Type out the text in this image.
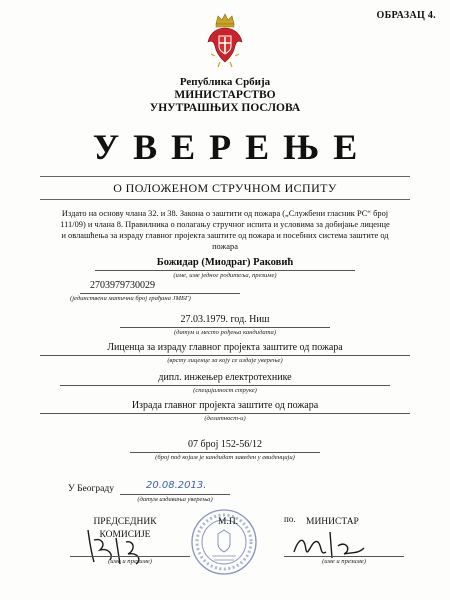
ОБРАЗАЦ 4.
Република Србија
МИНИСТАРСТВО
УНУТРАШЊИХ ПОСЛОВА
УВЕРЕЊЕ
О ПОЛОЖЕНОМ СТРУЧНОМ ИСПИТУ
Издато на основу члана 32. и 38. Закона о заштити од пожара („Службени гласник РС“ број 111/09) и члана 8. Правилника о полагању стручног испита и условима за добијање лиценце и овлашћења за израду главног пројекта заштите од пожара и посебних система заштите од пожара
Божидар (Миодраг) Раковић
(име, име једног родитеља, презиме)
2703979730029
(јединствени матични број грађана ЈМБГ)
27.03.1979. год. Ниш
(датум и место рођења кандидата)
Лиценца за израду главног пројекта заштите од пожара
(врсту лиценце за коју се издаје уверење)
дипл. инжењер електротехнике
(специјалност струке)
Израда главног пројекта заштите од пожара
(делатност-и)
07 број 152-56/12
(број под којим је кандидат заведен у евиденцији)
У Београду	20.08.2013.
(датум издавања уверења)
ПРЕДСЕДНИК
КОМИСИЈЕ
(име и презиме)
М.П.	по. МИНИСТАР
(име и презиме)
